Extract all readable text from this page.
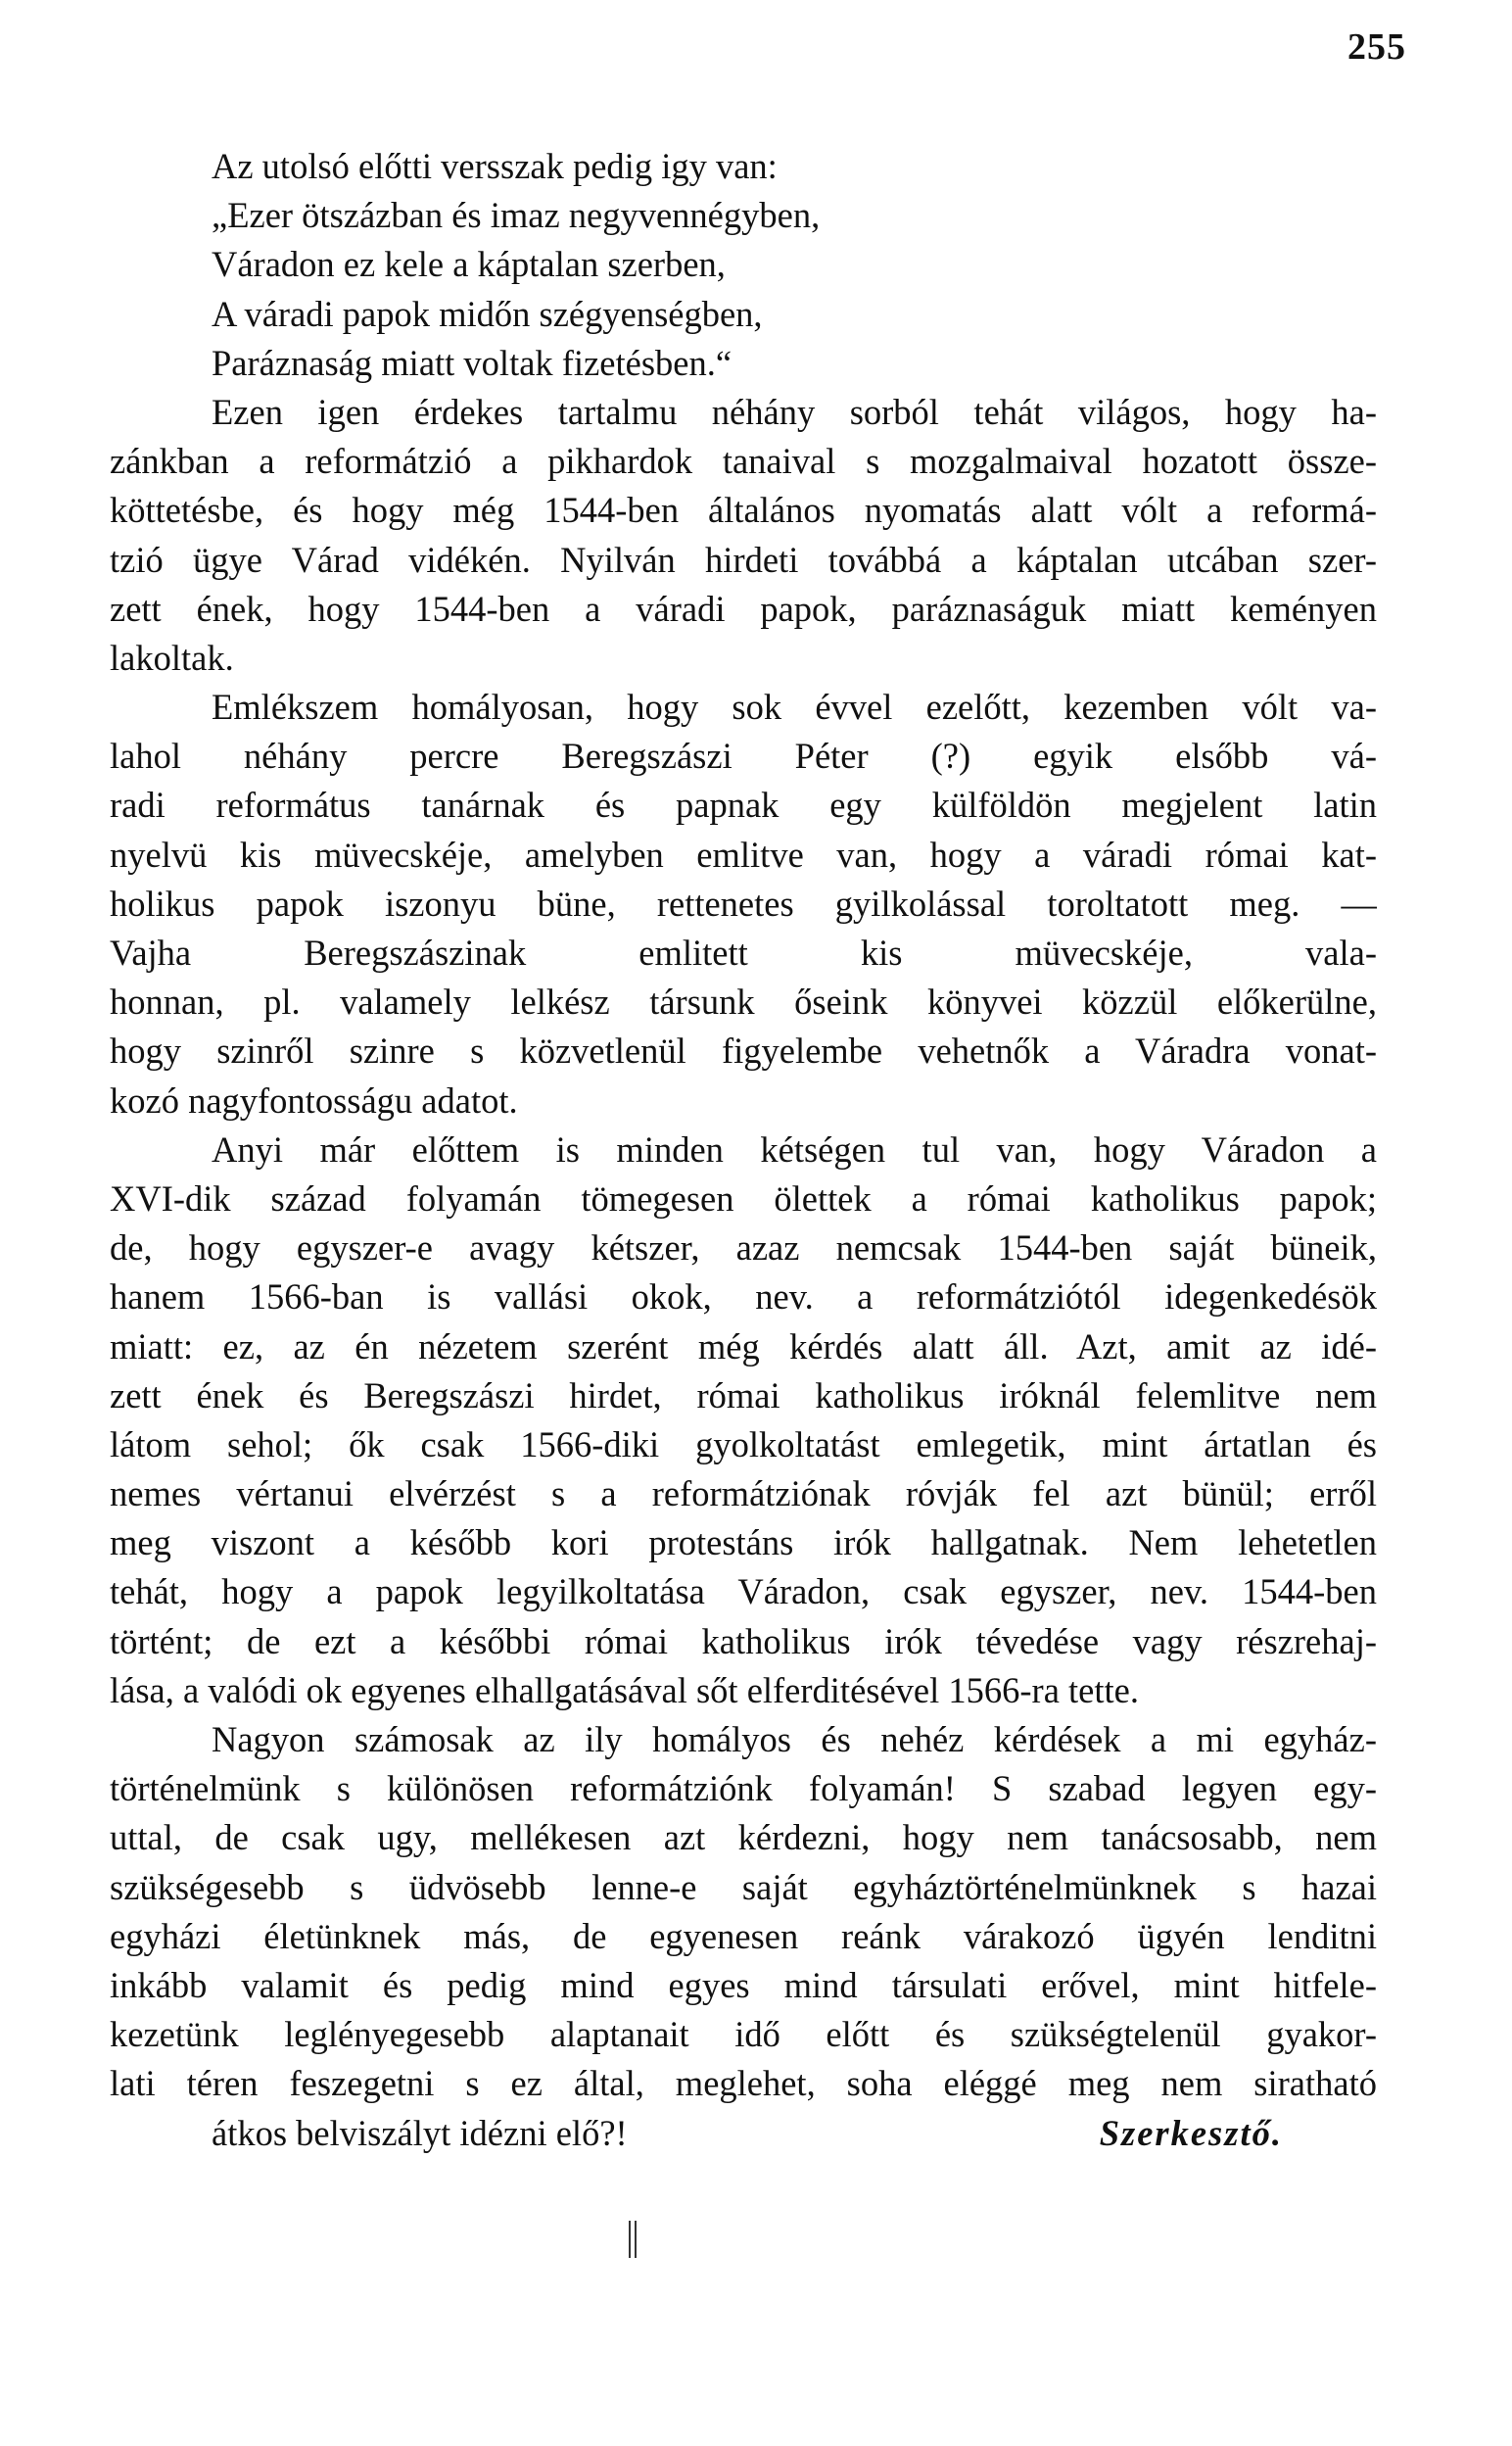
255
Az utolsó előtti versszak pedig igy van:
„Ezer ötszázban és imaz negyvennégyben,
Váradon ez kele a káptalan szerben,
A váradi papok midőn szégyenségben,
Paráznaság miatt voltak fizetésben.“
Ezen igen érdekes tartalmu néhány sorból tehát világos, hogy ha-
zánkban a reformátzió a pikhardok tanaival s mozgalmaival hozatott össze-
köttetésbe, és hogy még 1544-ben általános nyomatás alatt vólt a reformá-
tzió ügye Várad vidékén. Nyilván hirdeti továbbá a káptalan utcában szer-
zett ének, hogy 1544-ben a váradi papok, paráznaságuk miatt keményen
lakoltak.
Emlékszem homályosan, hogy sok évvel ezelőtt, kezemben vólt va-
lahol néhány percre Beregszászi Péter (?) egyik elsőbb vá-
radi református tanárnak és papnak egy külföldön megjelent latin
nyelvü kis müvecskéje, amelyben emlitve van, hogy a váradi római kat-
holikus papok iszonyu büne, rettenetes gyilkolással toroltatott meg. —
Vajha Beregszászinak emlitett kis müvecskéje, vala-
honnan, pl. valamely lelkész társunk őseink könyvei közzül előkerülne,
hogy szinről szinre s közvetlenül figyelembe vehetnők a Váradra vonat-
kozó nagyfontosságu adatot.
Anyi már előttem is minden kétségen tul van, hogy Váradon a
XVI-dik század folyamán tömegesen ölettek a római katholikus papok;
de, hogy egyszer-e avagy kétszer, azaz nemcsak 1544-ben saját büneik,
hanem 1566-ban is vallási okok, nev. a reformátziótól idegenkedésök
miatt: ez, az én nézetem szerént még kérdés alatt áll. Azt, amit az idé-
zett ének és Beregszászi hirdet, római katholikus iróknál felemlitve nem
látom sehol; ők csak 1566-diki gyolkoltatást emlegetik, mint ártatlan és
nemes vértanui elvérzést s a reformátziónak róvják fel azt bünül; erről
meg viszont a később kori protestáns irók hallgatnak. Nem lehetetlen
tehát, hogy a papok legyilkoltatása Váradon, csak egyszer, nev. 1544-ben
történt; de ezt a későbbi római katholikus irók tévedése vagy részrehaj-
lása, a valódi ok egyenes elhallgatásával sőt elferditésével 1566-ra tette.
Nagyon számosak az ily homályos és nehéz kérdések a mi egyház-
történelmünk s különösen reformátziónk folyamán! S szabad legyen egy-
uttal, de csak ugy, mellékesen azt kérdezni, hogy nem tanácsosabb, nem
szükségesebb s üdvösebb lenne-e saját egyháztörténelmünknek s hazai
egyházi életünknek más, de egyenesen reánk várakozó ügyén lenditni
inkább valamit és pedig mind egyes mind társulati erővel, mint hitfele-
kezetünk leglényegesebb alaptanait idő előtt és szükségtelenül gyakor-
lati téren feszegetni s ez által, meglehet, soha eléggé meg nem siratható
átkos belviszályt idézni elő?!	Szerkesztő.
